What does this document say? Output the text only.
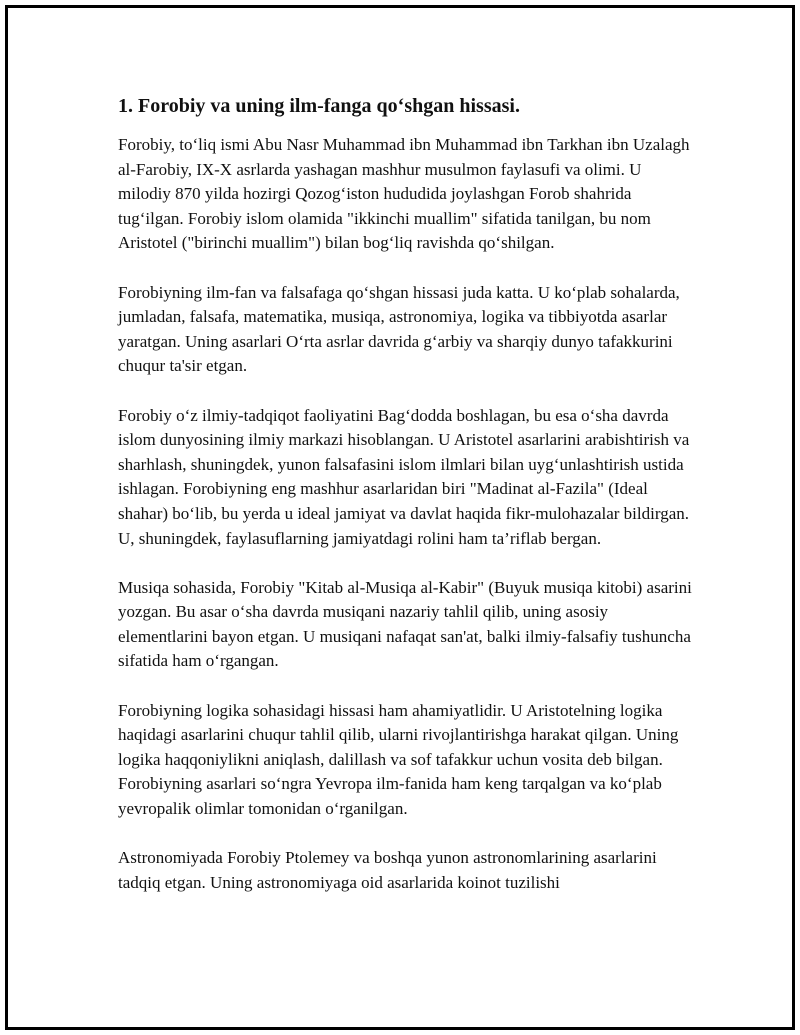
1. Forobiy va uning ilm-fanga qo‘shgan hissasi.

Forobiy, to‘liq ismi Abu Nasr Muhammad ibn Muhammad ibn Tarkhan ibn Uzalagh al-Farobiy, IX-X asrlarda yashagan mashhur musulmon faylasufi va olimi. U milodiy 870 yilda hozirgi Qozog‘iston hududida joylashgan Forob shahrida tug‘ilgan. Forobiy islom olamida "ikkinchi muallim" sifatida tanilgan, bu nom Aristotel ("birinchi muallim") bilan bog‘liq ravishda qo‘shilgan.

Forobiyning ilm-fan va falsafaga qo‘shgan hissasi juda katta. U ko‘plab sohalarda, jumladan, falsafa, matematika, musiqa, astronomiya, logika va tibbiyotda asarlar yaratgan. Uning asarlari O‘rta asrlar davrida g‘arbiy va sharqiy dunyo tafakkurini chuqur ta'sir etgan.

Forobiy o‘z ilmiy-tadqiqot faoliyatini Bag‘dodda boshlagan, bu esa o‘sha davrda islom dunyosining ilmiy markazi hisoblangan. U Aristotel asarlarini arabishtirish va sharhlash, shuningdek, yunon falsafasini islom ilmlari bilan uyg‘unlashtirish ustida ishlagan. Forobiyning eng mashhur asarlaridan biri "Madinat al-Fazila" (Ideal shahar) bo‘lib, bu yerda u ideal jamiyat va davlat haqida fikr-mulohazalar bildirgan. U, shuningdek, faylasuflarning jamiyatdagi rolini ham ta’riflab bergan.

Musiqa sohasida, Forobiy "Kitab al-Musiqa al-Kabir" (Buyuk musiqa kitobi) asarini yozgan. Bu asar o‘sha davrda musiqani nazariy tahlil qilib, uning asosiy elementlarini bayon etgan. U musiqani nafaqat san'at, balki ilmiy-falsafiy tushuncha sifatida ham o‘rgangan.

Forobiyning logika sohasidagi hissasi ham ahamiyatlidir. U Aristotelning logika haqidagi asarlarini chuqur tahlil qilib, ularni rivojlantirishga harakat qilgan. Uning logika haqqoniylikni aniqlash, dalillash va sof tafakkur uchun vosita deb bilgan. Forobiyning asarlari so‘ngra Yevropa ilm-fanida ham keng tarqalgan va ko‘plab yevropalik olimlar tomonidan o‘rganilgan.

Astronomiyada Forobiy Ptolemey va boshqa yunon astronomlarining asarlarini tadqiq etgan. Uning astronomiyaga oid asarlarida koinot tuzilishi
